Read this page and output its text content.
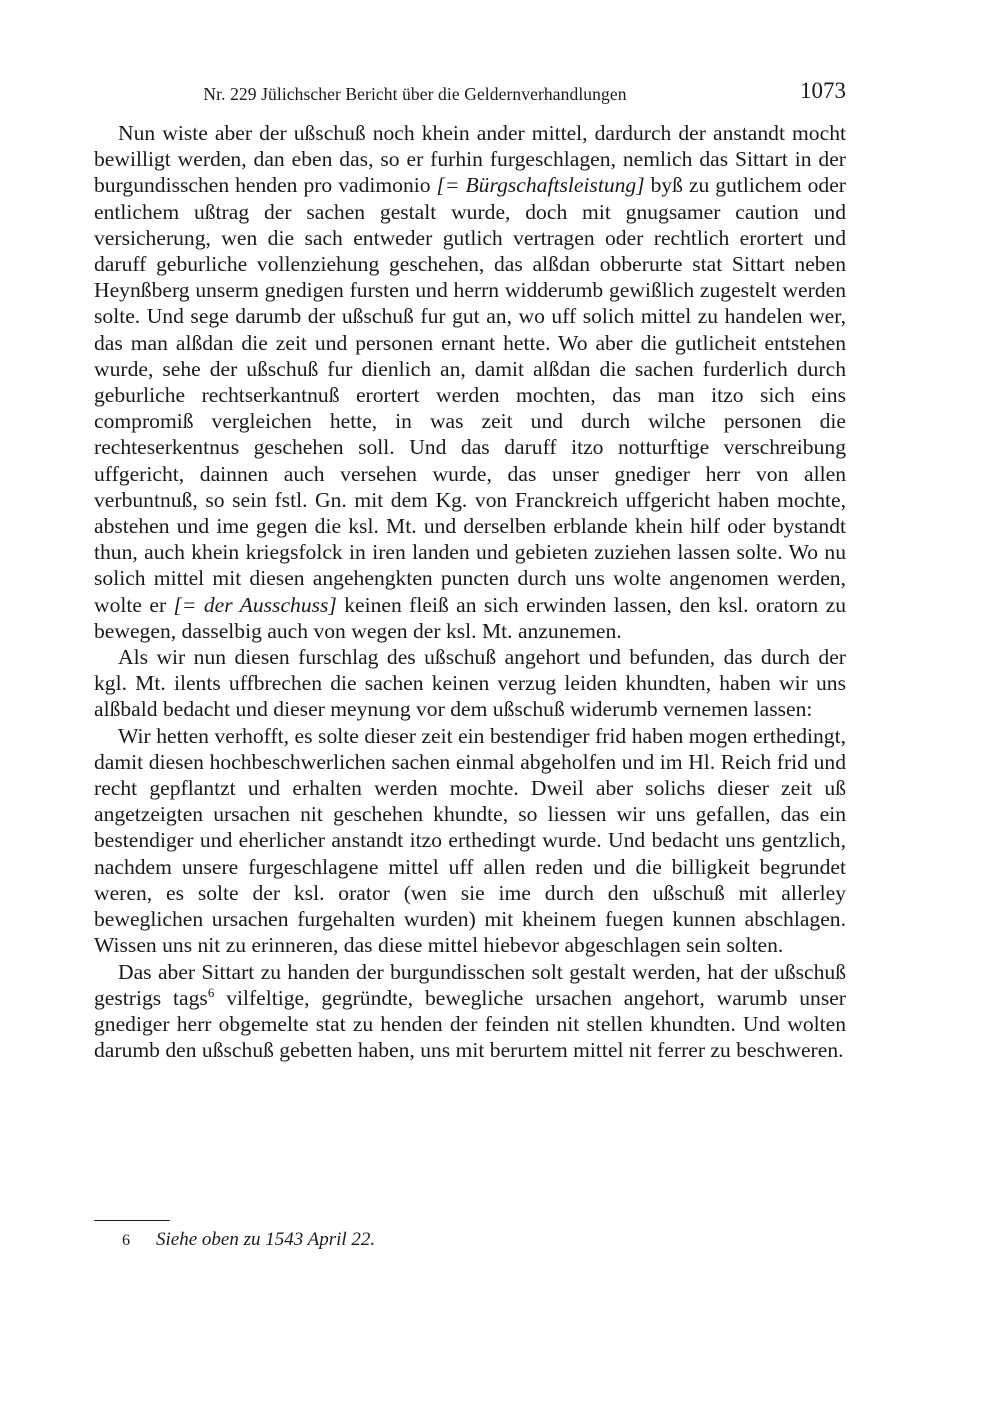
Nr. 229 Jülichscher Bericht über die Geldernverhandlungen	1073

Nun wiste aber der ußschuß noch khein ander mittel, dardurch der anstandt mocht bewilligt werden, dan eben das, so er furhin furgeschlagen, nemlich das Sittart in der burgundisschen henden pro vadimonio [= Bürgschaftsleistung] byß zu gutlichem oder entlichem ußtrag der sachen gestalt wurde, doch mit gnugsamer caution und versicherung, wen die sach entweder gutlich vertragen oder rechtlich erortert und daruff geburliche vollenziehung geschehen, das alßdan obberurte stat Sittart neben Heynßberg unserm gnedigen fursten und herrn widderumb gewißlich zugestelt werden solte. Und sege darumb der ußschuß fur gut an, wo uff solich mittel zu handelen wer, das man alßdan die zeit und personen ernant hette. Wo aber die gutlicheit entstehen wurde, sehe der ußschuß fur dienlich an, damit alßdan die sachen furderlich durch geburliche rechtserkantnuß erortert werden mochten, das man itzo sich eins compromiß vergleichen hette, in was zeit und durch wilche personen die rechteserkentnus geschehen soll. Und das daruff itzo notturftige verschreibung uffgericht, dainnen auch versehen wurde, das unser gnediger herr von allen verbuntnuß, so sein fstl. Gn. mit dem Kg. von Franckreich uffgericht haben mochte, abstehen und ime gegen die ksl. Mt. und derselben erblande khein hilf oder bystandt thun, auch khein kriegsfolck in iren landen und gebieten zuziehen lassen solte. Wo nu solich mittel mit diesen angehengkten puncten durch uns wolte angenomen werden, wolte er [= der Ausschuss] keinen fleiß an sich erwinden lassen, den ksl. oratorn zu bewegen, dasselbig auch von wegen der ksl. Mt. anzunemen.

Als wir nun diesen furschlag des ußschuß angehort und befunden, das durch der kgl. Mt. ilents uffbrechen die sachen keinen verzug leiden khundten, haben wir uns alßbald bedacht und dieser meynung vor dem ußschuß widerumb vernemen lassen:

Wir hetten verhofft, es solte dieser zeit ein bestendiger frid haben mogen erthedingt, damit diesen hochbeschwerlichen sachen einmal abgeholfen und im Hl. Reich frid und recht gepflantzt und erhalten werden mochte. Dweil aber solichs dieser zeit uß angetzeigten ursachen nit geschehen khundte, so liessen wir uns gefallen, das ein bestendiger und eherlicher anstandt itzo erthedingt wurde. Und bedacht uns gentzlich, nachdem unsere furgeschlagene mittel uff allen reden und die billigkeit begrundet weren, es solte der ksl. orator (wen sie ime durch den ußschuß mit allerley beweglichen ursachen furgehalten wurden) mit kheinem fuegen kunnen abschlagen. Wissen uns nit zu erinneren, das diese mittel hiebevor abgeschlagen sein solten.

Das aber Sittart zu handen der burgundisschen solt gestalt werden, hat der ußschuß gestrigs tags$^6$ vilfeltige, gegründte, bewegliche ursachen angehort, warumb unser gnediger herr obgemelte stat zu henden der feinden nit stellen khundten. Und wolten darumb den ußschuß gebetten haben, uns mit berurtem mittel nit ferrer zu beschweren.

6 Siehe oben zu 1543 April 22.
